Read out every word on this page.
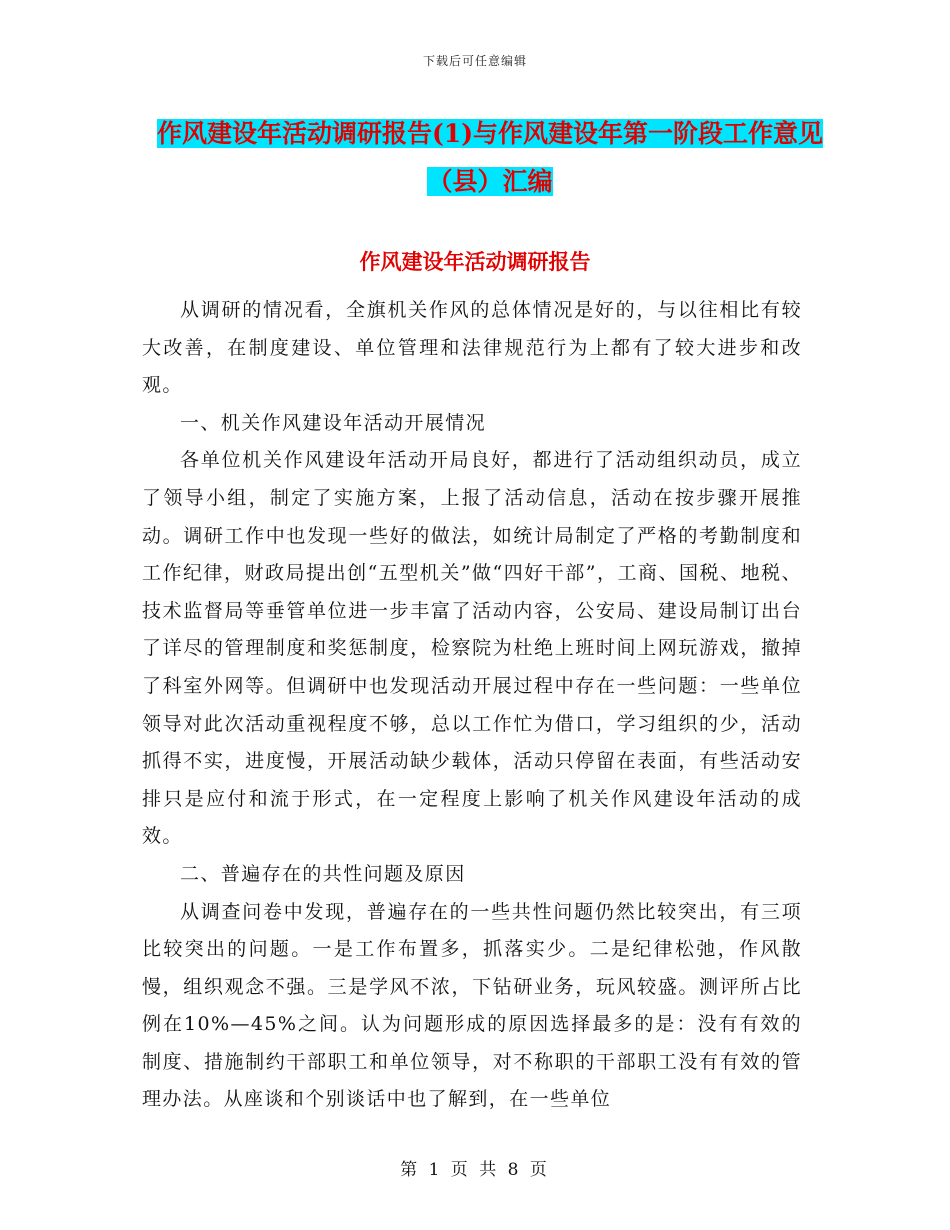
下载后可任意编辑
作风建设年活动调研报告(1)与作风建设年第一阶段工作意见（县）汇编
作风建设年活动调研报告

从调研的情况看，全旗机关作风的总体情况是好的，与以往相比有较大改善，在制度建设、单位管理和法律规范行为上都有了较大进步和改观。

一、机关作风建设年活动开展情况

各单位机关作风建设年活动开局良好，都进行了活动组织动员，成立了领导小组，制定了实施方案，上报了活动信息，活动在按步骤开展推动。调研工作中也发现一些好的做法，如统计局制定了严格的考勤制度和工作纪律，财政局提出创“五型机关”做“四好干部”，工商、国税、地税、技术监督局等垂管单位进一步丰富了活动内容，公安局、建设局制订出台了详尽的管理制度和奖惩制度，检察院为杜绝上班时间上网玩游戏，撤掉了科室外网等。但调研中也发现活动开展过程中存在一些问题：一些单位领导对此次活动重视程度不够，总以工作忙为借口，学习组织的少，活动抓得不实，进度慢，开展活动缺少载体，活动只停留在表面，有些活动安排只是应付和流于形式，在一定程度上影响了机关作风建设年活动的成效。

二、普遍存在的共性问题及原因

从调查问卷中发现，普遍存在的一些共性问题仍然比较突出，有三项比较突出的问题。一是工作布置多，抓落实少。二是纪律松弛，作风散慢，组织观念不强。三是学风不浓，下钻研业务，玩风较盛。测评所占比例在10%—45%之间。认为问题形成的原因选择最多的是：没有有效的制度、措施制约干部职工和单位领导，对不称职的干部职工没有有效的管理办法。从座谈和个别谈话中也了解到，在一些单位

第 1 页 共 8 页
